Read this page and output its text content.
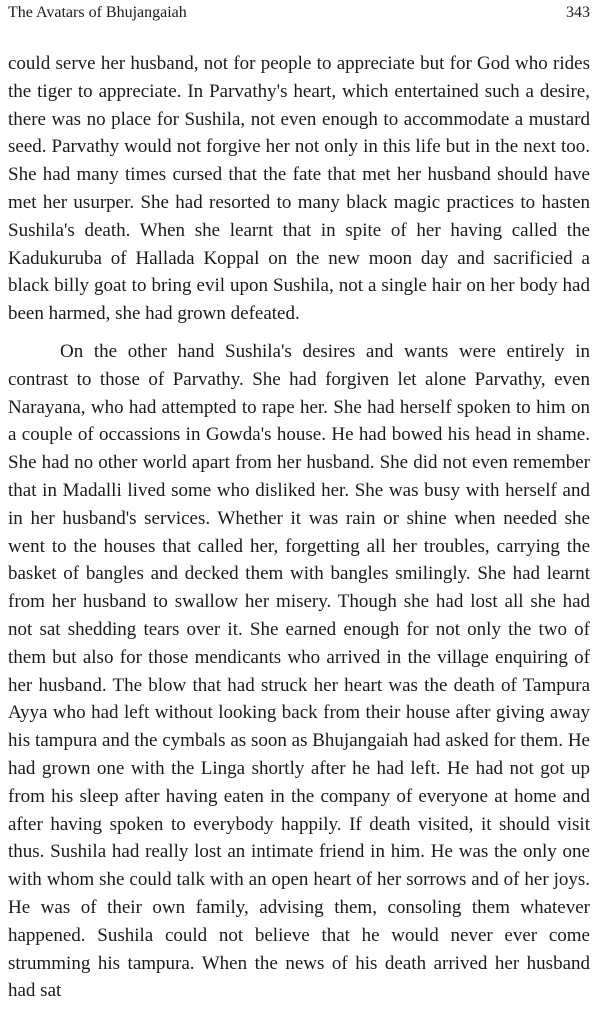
The Avatars of Bhujangaiah	343

could serve her husband, not for people to appreciate but for God who rides the tiger to appreciate. In Parvathy's heart, which entertained such a desire, there was no place for Sushila, not even enough to accommodate a mustard seed. Parvathy would not forgive her not only in this life but in the next too. She had many times cursed that the fate that met her husband should have met her usurper. She had resorted to many black magic practices to hasten Sushila's death. When she learnt that in spite of her having called the Kadukuruba of Hallada Koppal on the new moon day and sacrificied a black billy goat to bring evil upon Sushila, not a single hair on her body had been harmed, she had grown defeated.

On the other hand Sushila's desires and wants were entirely in contrast to those of Parvathy. She had forgiven let alone Parvathy, even Narayana, who had attempted to rape her. She had herself spoken to him on a couple of occassions in Gowda's house. He had bowed his head in shame. She had no other world apart from her husband. She did not even remember that in Madalli lived some who disliked her. She was busy with herself and in her husband's services. Whether it was rain or shine when needed she went to the houses that called her, forgetting all her troubles, carrying the basket of bangles and decked them with bangles smilingly. She had learnt from her husband to swallow her misery. Though she had lost all she had not sat shedding tears over it. She earned enough for not only the two of them but also for those mendicants who arrived in the village enquiring of her husband. The blow that had struck her heart was the death of Tampura Ayya who had left without looking back from their house after giving away his tampura and the cymbals as soon as Bhujangaiah had asked for them. He had grown one with the Linga shortly after he had left. He had not got up from his sleep after having eaten in the company of everyone at home and after having spoken to everybody happily. If death visited, it should visit thus. Sushila had really lost an intimate friend in him. He was the only one with whom she could talk with an open heart of her sorrows and of her joys. He was of their own family, advising them, consoling them whatever happened. Sushila could not believe that he would never ever come strumming his tampura. When the news of his death arrived her husband had sat
